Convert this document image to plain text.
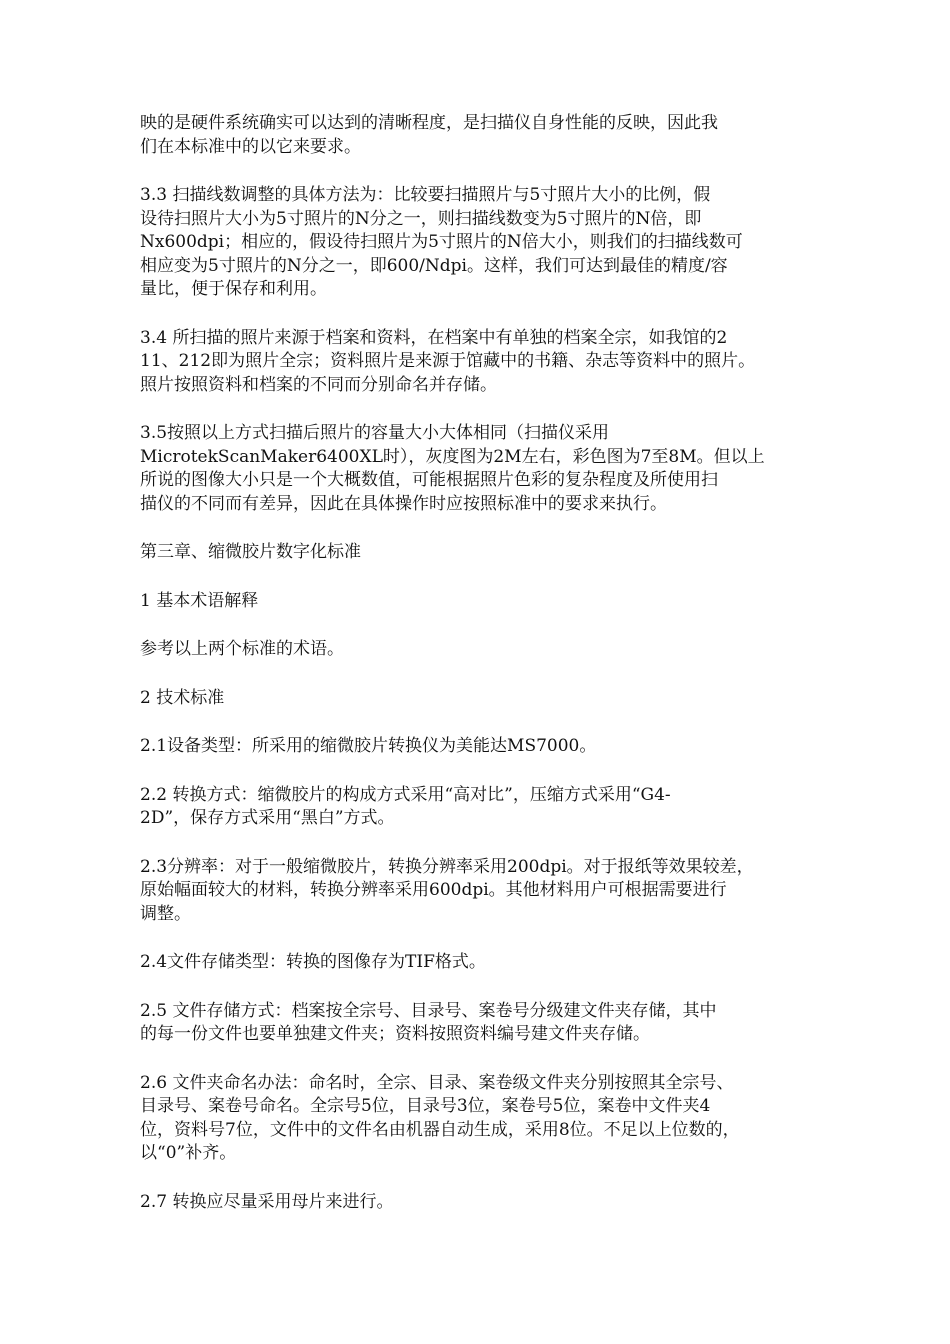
映的是硬件系统确实可以达到的清晰程度，是扫描仪自身性能的反映，因此我
们在本标准中的以它来要求。

3.3 扫描线数调整的具体方法为：比较要扫描照片与5寸照片大小的比例，假
设待扫照片大小为5寸照片的N分之一，则扫描线数变为5寸照片的N倍，即
Nx600dpi；相应的，假设待扫照片为5寸照片的N倍大小，则我们的扫描线数可
相应变为5寸照片的N分之一，即600/Ndpi。这样，我们可达到最佳的精度/容
量比，便于保存和利用。

3.4 所扫描的照片来源于档案和资料，在档案中有单独的档案全宗，如我馆的2
11、212即为照片全宗；资料照片是来源于馆藏中的书籍、杂志等资料中的照片。
照片按照资料和档案的不同而分别命名并存储。

3.5按照以上方式扫描后照片的容量大小大体相同（扫描仪采用
MicrotekScanMaker6400XL时），灰度图为2M左右，彩色图为7至8M。但以上
所说的图像大小只是一个大概数值，可能根据照片色彩的复杂程度及所使用扫
描仪的不同而有差异，因此在具体操作时应按照标准中的要求来执行。

第三章、缩微胶片数字化标准

1 基本术语解释

参考以上两个标准的术语。

2 技术标准

2.1设备类型：所采用的缩微胶片转换仪为美能达MS7000。

2.2 转换方式：缩微胶片的构成方式采用“高对比”，压缩方式采用“G4-
2D”，保存方式采用“黑白”方式。

2.3分辨率：对于一般缩微胶片，转换分辨率采用200dpi。对于报纸等效果较差，
原始幅面较大的材料，转换分辨率采用600dpi。其他材料用户可根据需要进行
调整。

2.4文件存储类型：转换的图像存为TIF格式。

2.5 文件存储方式：档案按全宗号、目录号、案卷号分级建文件夹存储，其中
的每一份文件也要单独建文件夹；资料按照资料编号建文件夹存储。

2.6 文件夹命名办法：命名时，全宗、目录、案卷级文件夹分别按照其全宗号、
目录号、案卷号命名。全宗号5位，目录号3位，案卷号5位，案卷中文件夹4
位，资料号7位，文件中的文件名由机器自动生成，采用8位。不足以上位数的，
以“0”补齐。

2.7 转换应尽量采用母片来进行。
